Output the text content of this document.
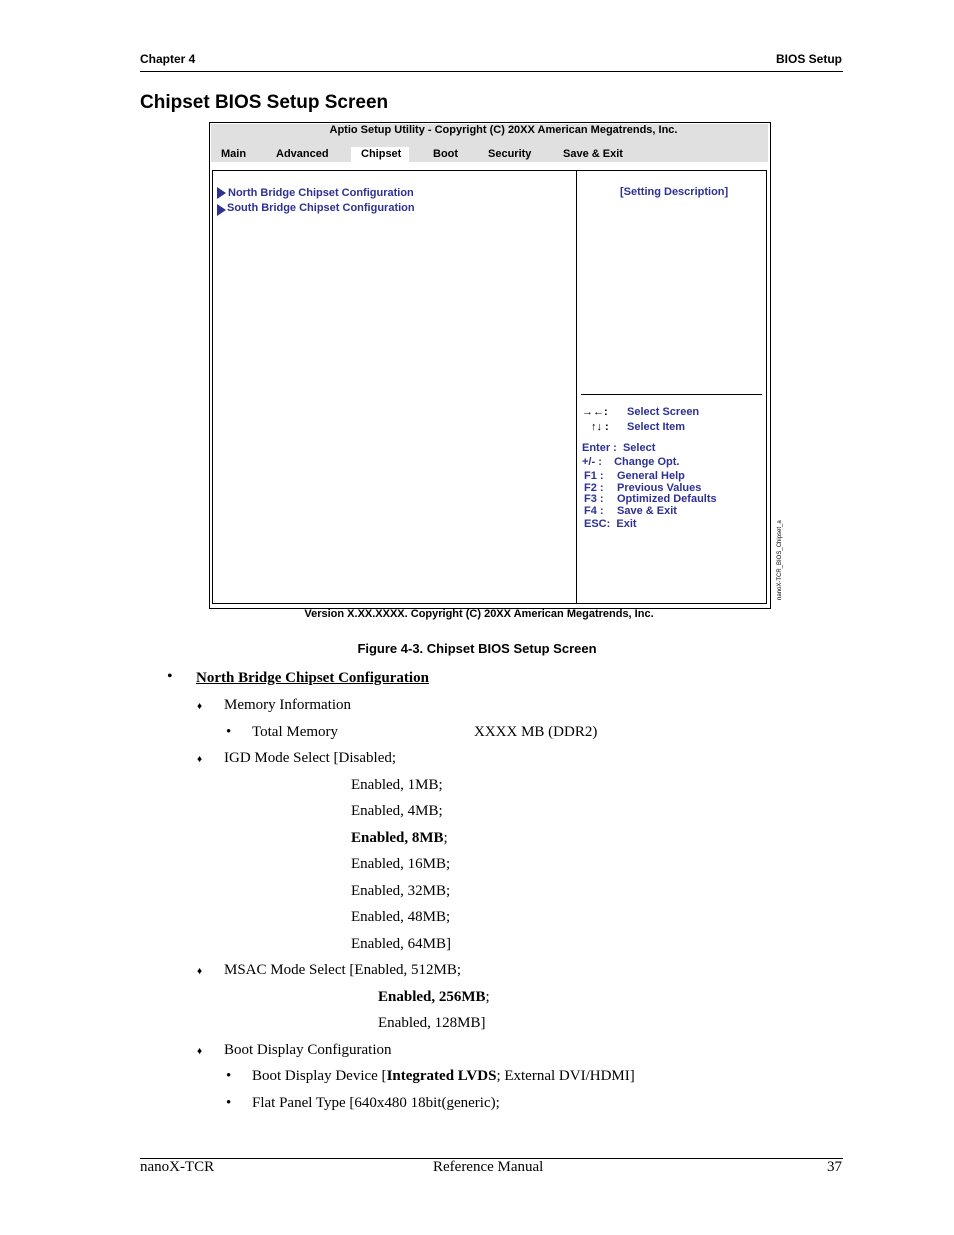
Chapter 4	BIOS Setup
Chipset BIOS Setup Screen
Aptio Setup Utility - Copyright (C) 20XX American Megatrends, Inc.
Main	Advanced	Chipset	Boot	Security	Save & Exit
North Bridge Chipset Configuration
South Bridge Chipset Configuration
[Setting Description]
→←: Select Screen
↑↓ : Select Item
Enter :  Select
+/- :    Change Opt.
F1 : General Help
F2 : Previous Values
F3 : Optimized Defaults
F4 : Save & Exit
ESC:  Exit	nanoX-TCR_BIOS_Chipset_a
Version X.XX.XXXX. Copyright (C) 20XX American Megatrends, Inc.
Figure 4-3. Chipset BIOS Setup Screen
• North Bridge Chipset Configuration
♦ Memory Information
• Total Memory	XXXX MB (DDR2)
♦ IGD Mode Select [Disabled;
Enabled, 1MB;
Enabled, 4MB;
Enabled, 8MB;
Enabled, 16MB;
Enabled, 32MB;
Enabled, 48MB;
Enabled, 64MB]
♦ MSAC Mode Select [Enabled, 512MB;
Enabled, 256MB;
Enabled, 128MB]
♦ Boot Display Configuration
• Boot Display Device [Integrated LVDS; External DVI/HDMI]
• Flat Panel Type [640x480 18bit(generic);
nanoX-TCR	Reference Manual	37
